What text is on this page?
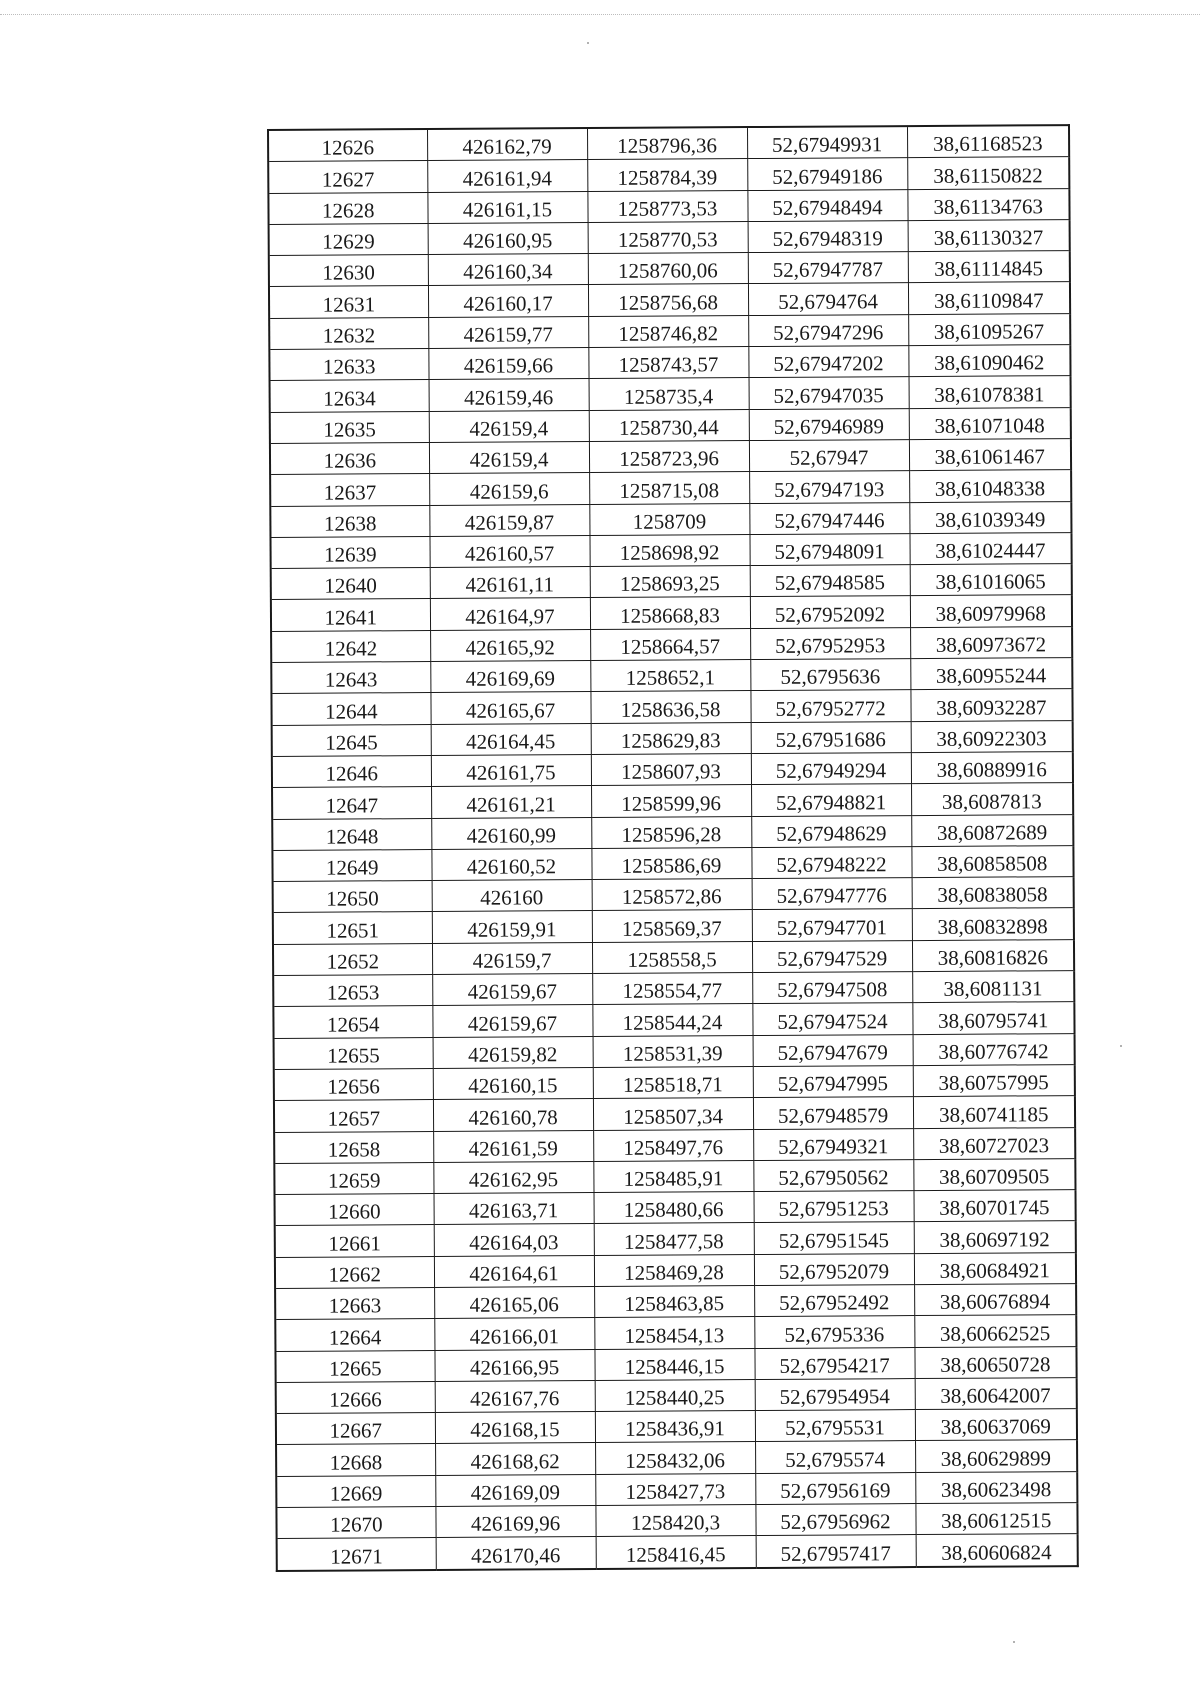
12626	426162,79	1258796,36	52,67949931	38,61168523
12627	426161,94	1258784,39	52,67949186	38,61150822
12628	426161,15	1258773,53	52,67948494	38,61134763
12629	426160,95	1258770,53	52,67948319	38,61130327
12630	426160,34	1258760,06	52,67947787	38,61114845
12631	426160,17	1258756,68	52,6794764	38,61109847
12632	426159,77	1258746,82	52,67947296	38,61095267
12633	426159,66	1258743,57	52,67947202	38,61090462
12634	426159,46	1258735,4	52,67947035	38,61078381
12635	426159,4	1258730,44	52,67946989	38,61071048
12636	426159,4	1258723,96	52,67947	38,61061467
12637	426159,6	1258715,08	52,67947193	38,61048338
12638	426159,87	1258709	52,67947446	38,61039349
12639	426160,57	1258698,92	52,67948091	38,61024447
12640	426161,11	1258693,25	52,67948585	38,61016065
12641	426164,97	1258668,83	52,67952092	38,60979968
12642	426165,92	1258664,57	52,67952953	38,60973672
12643	426169,69	1258652,1	52,6795636	38,60955244
12644	426165,67	1258636,58	52,67952772	38,60932287
12645	426164,45	1258629,83	52,67951686	38,60922303
12646	426161,75	1258607,93	52,67949294	38,60889916
12647	426161,21	1258599,96	52,67948821	38,6087813
12648	426160,99	1258596,28	52,67948629	38,60872689
12649	426160,52	1258586,69	52,67948222	38,60858508
12650	426160	1258572,86	52,67947776	38,60838058
12651	426159,91	1258569,37	52,67947701	38,60832898
12652	426159,7	1258558,5	52,67947529	38,60816826
12653	426159,67	1258554,77	52,67947508	38,6081131
12654	426159,67	1258544,24	52,67947524	38,60795741
12655	426159,82	1258531,39	52,67947679	38,60776742
12656	426160,15	1258518,71	52,67947995	38,60757995
12657	426160,78	1258507,34	52,67948579	38,60741185
12658	426161,59	1258497,76	52,67949321	38,60727023
12659	426162,95	1258485,91	52,67950562	38,60709505
12660	426163,71	1258480,66	52,67951253	38,60701745
12661	426164,03	1258477,58	52,67951545	38,60697192
12662	426164,61	1258469,28	52,67952079	38,60684921
12663	426165,06	1258463,85	52,67952492	38,60676894
12664	426166,01	1258454,13	52,6795336	38,60662525
12665	426166,95	1258446,15	52,67954217	38,60650728
12666	426167,76	1258440,25	52,67954954	38,60642007
12667	426168,15	1258436,91	52,6795531	38,60637069
12668	426168,62	1258432,06	52,6795574	38,60629899
12669	426169,09	1258427,73	52,67956169	38,60623498
12670	426169,96	1258420,3	52,67956962	38,60612515
12671	426170,46	1258416,45	52,67957417	38,60606824
